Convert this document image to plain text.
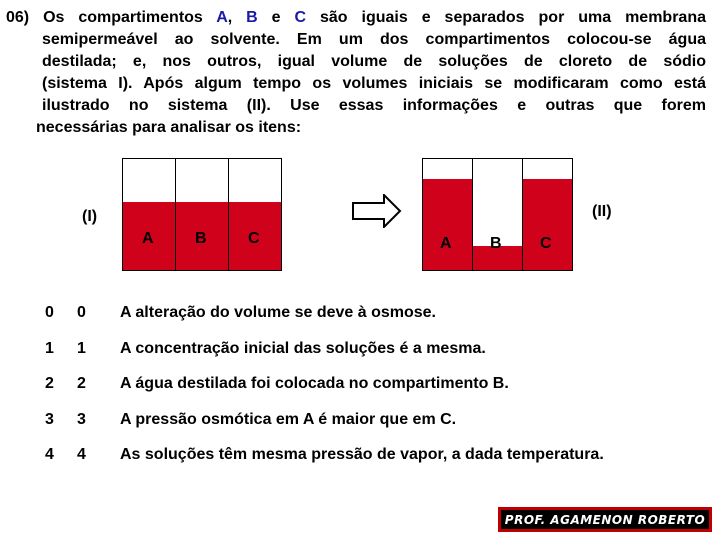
06) Os compartimentos A, B e C são iguais e separados por uma membrana
semipermeável ao solvente. Em um dos compartimentos colocou-se água
destilada; e, nos outros, igual volume de soluções de cloreto de sódio
(sistema I). Após algum tempo os volumes iniciais se modificaram como está
ilustrado no sistema (II). Use essas informações e outras que forem
necessárias para analisar os itens:
(I)
A	B	C
(II)
A B C
0 0 A alteração do volume se deve à osmose.
1 1 A concentração inicial das soluções é a mesma.
2 2 A água destilada foi colocada no compartimento B.
3 3 A pressão osmótica em A é maior que em C.
4 4 As soluções têm mesma pressão de vapor, a dada temperatura.
PROF. AGAMENON ROBERTO
